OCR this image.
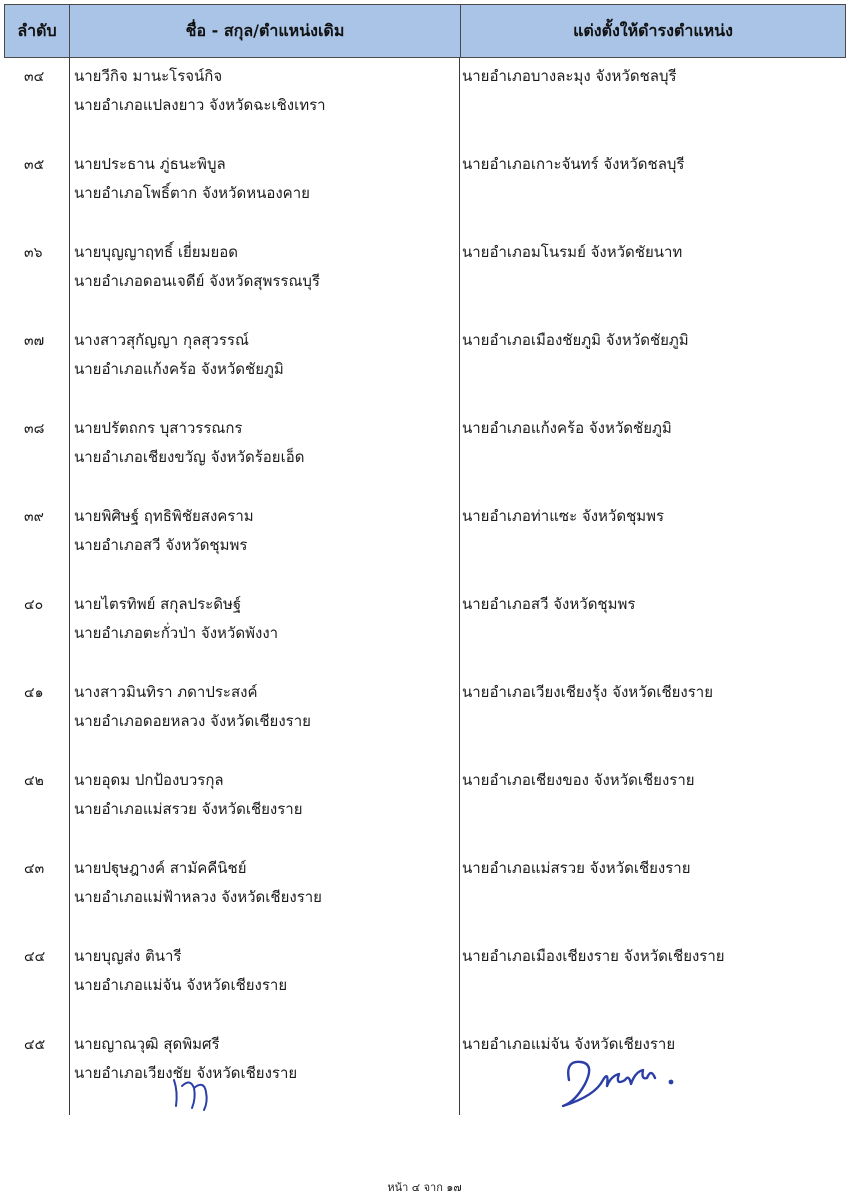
ลำดับ	ชื่อ - สกุล/ตำแหน่งเดิม	แต่งตั้งให้ดำรงตำแหน่ง
๓๔ นายวีกิจ มานะโรจน์กิจ
นายอำเภอแปลงยาว จังหวัดฉะเชิงเทรา
นายอำเภอบางละมุง จังหวัดชลบุรี
๓๕ นายประธาน ภู่ธนะพิบูล
นายอำเภอโพธิ์ตาก จังหวัดหนองคาย
นายอำเภอเกาะจันทร์ จังหวัดชลบุรี
๓๖ นายบุญญาฤทธิ์ เยี่ยมยอด
นายอำเภอดอนเจดีย์ จังหวัดสุพรรณบุรี
นายอำเภอมโนรมย์ จังหวัดชัยนาท
๓๗ นางสาวสุกัญญา กุลสุวรรณ์
นายอำเภอแก้งคร้อ จังหวัดชัยภูมิ
นายอำเภอเมืองชัยภูมิ จังหวัดชัยภูมิ
๓๘ นายปรัตถกร บุสาวรรณกร
นายอำเภอเชียงขวัญ จังหวัดร้อยเอ็ด
นายอำเภอแก้งคร้อ จังหวัดชัยภูมิ
๓๙ นายพิศิษฐ์ ฤทธิพิชัยสงคราม
นายอำเภอสวี จังหวัดชุมพร
นายอำเภอท่าแซะ จังหวัดชุมพร
๔๐ นายไตรทิพย์ สกุลประดิษฐ์
นายอำเภอตะกั่วป่า จังหวัดพังงา
นายอำเภอสวี จังหวัดชุมพร
๔๑ นางสาวมินทิรา ภดาประสงค์
นายอำเภอดอยหลวง จังหวัดเชียงราย
นายอำเภอเวียงเชียงรุ้ง จังหวัดเชียงราย
๔๒ นายอุดม ปกป้องบวรกุล
นายอำเภอแม่สรวย จังหวัดเชียงราย
นายอำเภอเชียงของ จังหวัดเชียงราย
๔๓ นายปฐุษฎางค์ สามัคคีนิชย์
นายอำเภอแม่ฟ้าหลวง จังหวัดเชียงราย
นายอำเภอแม่สรวย จังหวัดเชียงราย
๔๔ นายบุญส่ง ตินารี
นายอำเภอแม่จัน จังหวัดเชียงราย
นายอำเภอเมืองเชียงราย จังหวัดเชียงราย
๔๕ นายญาณวุฒิ สุดพิมศรี
นายอำเภอเวียงชัย จังหวัดเชียงราย
นายอำเภอแม่จัน จังหวัดเชียงราย
หน้า ๔ จาก ๑๗
